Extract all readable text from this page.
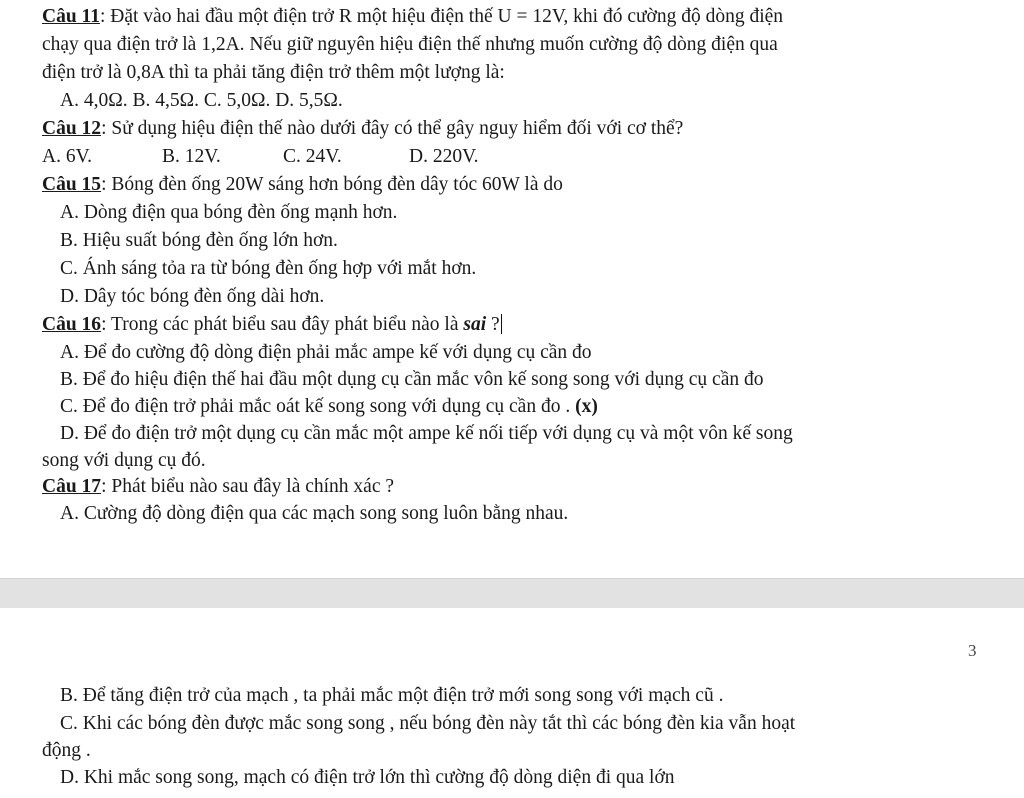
Câu 11: Đặt vào hai đầu một điện trở R một hiệu điện thế U = 12V, khi đó cường độ dòng điện
chạy qua điện trở là 1,2A. Nếu giữ nguyên hiệu điện thế nhưng muốn cường độ dòng điện qua
điện trở là 0,8A thì ta phải tăng điện trở thêm một lượng là:
A. 4,0Ω. B. 4,5Ω. C. 5,0Ω. D. 5,5Ω.
Câu 12: Sử dụng hiệu điện thế nào dưới đây có thể gây nguy hiểm đối với cơ thể?
A. 6V.	B. 12V.	C. 24V.	D. 220V.
Câu 15: Bóng đèn ống 20W sáng hơn bóng đèn dây tóc 60W là do
A. Dòng điện qua bóng đèn ống mạnh hơn.
B. Hiệu suất bóng đèn ống lớn hơn.
C. Ánh sáng tỏa ra từ bóng đèn ống hợp với mắt hơn.
D. Dây tóc bóng đèn ống dài hơn.
Câu 16: Trong các phát biểu sau đây phát biểu nào là sai ?
A. Để đo cường độ dòng điện phải mắc ampe kế với dụng cụ cần đo
B. Để đo hiệu điện thế hai đầu một dụng cụ cần mắc vôn kế song song với dụng cụ cần đo
C. Để đo điện trở phải mắc oát kế song song với dụng cụ cần đo . (x)
D. Để đo điện trở một dụng cụ cần mắc một ampe kế nối tiếp với dụng cụ và một vôn kế song
song với dụng cụ đó.
Câu 17: Phát biểu nào sau đây là chính xác ?
A. Cường độ dòng điện qua các mạch song song luôn bằng nhau.
3
B. Để tăng điện trở của mạch , ta phải mắc một điện trở mới song song với mạch cũ .
C. Khi các bóng đèn được mắc song song , nếu bóng đèn này tắt thì các bóng đèn kia vẫn hoạt
động .
D. Khi mắc song song, mạch có điện trở lớn thì cường độ dòng diện đi qua lớn
